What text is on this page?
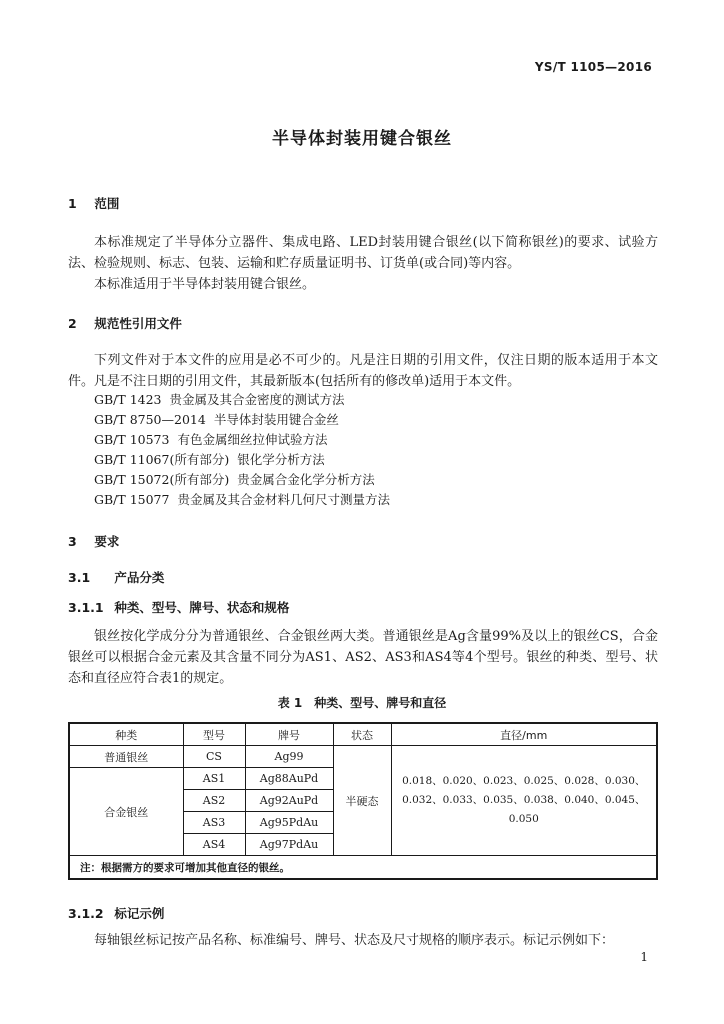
YS/T 1105—2016
半导体封装用键合银丝
1 范围
本标准规定了半导体分立器件、集成电路、LED封装用键合银丝(以下简称银丝)的要求、试验方法、检验规则、标志、包装、运输和贮存质量证明书、订货单(或合同)等内容。
本标准适用于半导体封装用键合银丝。
2 规范性引用文件
下列文件对于本文件的应用是必不可少的。凡是注日期的引用文件，仅注日期的版本适用于本文件。凡是不注日期的引用文件，其最新版本(包括所有的修改单)适用于本文件。
GB/T 1423 贵金属及其合金密度的测试方法
GB/T 8750—2014 半导体封装用键合金丝
GB/T 10573 有色金属细丝拉伸试验方法
GB/T 11067(所有部分) 银化学分析方法
GB/T 15072(所有部分) 贵金属合金化学分析方法
GB/T 15077 贵金属及其合金材料几何尺寸测量方法
3 要求
3.1 产品分类
3.1.1 种类、型号、牌号、状态和规格
银丝按化学成分分为普通银丝、合金银丝两大类。普通银丝是Ag含量99%及以上的银丝CS，合金银丝可以根据合金元素及其含量不同分为AS1、AS2、AS3和AS4等4个型号。银丝的种类、型号、状态和直径应符合表1的规定。
表 1　种类、型号、牌号和直径
种类	型号	牌号	状态	直径/mm
普通银丝	CS	Ag99	半硬态	0.018、0.020、0.023、0.025、0.028、0.030、
0.032、0.033、0.035、0.038、0.040、0.045、0.050

合金银丝	AS1	Ag88AuPd		
	AS2	Ag92AuPd		
	AS3	Ag95PdAu		
	AS4	Ag97PdAu		
注：根据需方的要求可增加其他直径的银丝。				
3.1.2 标记示例
每轴银丝标记按产品名称、标准编号、牌号、状态及尺寸规格的顺序表示。标记示例如下：
1
